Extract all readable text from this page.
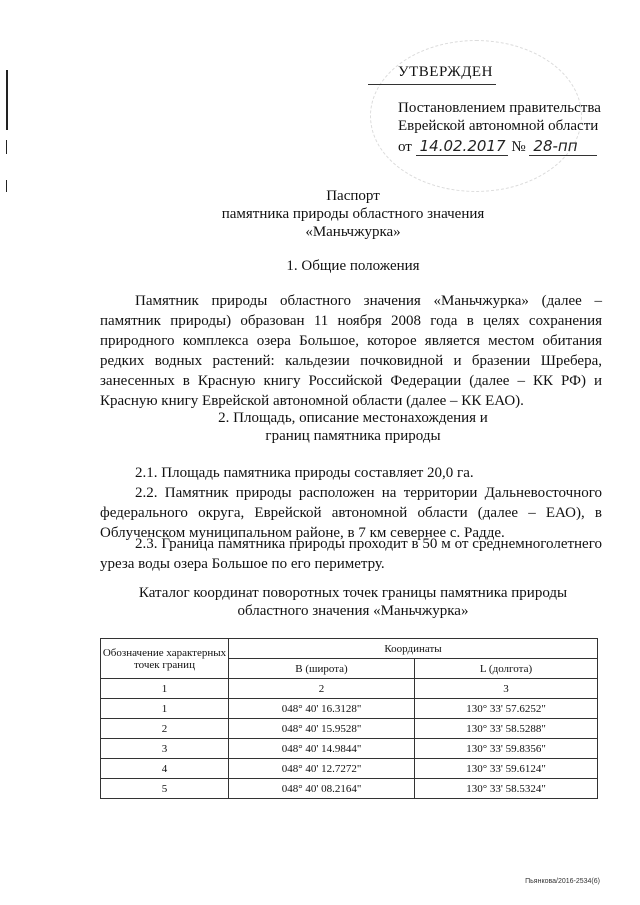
УТВЕРЖДЕН
Постановлением правительства
Еврейской автономной области
от 14.02.2017 № 28-пп
Паспорт
памятника природы областного значения
«Маньчжурка»
1. Общие положения
Памятник природы областного значения «Маньчжурка» (далее – памятник природы) образован 11 ноября 2008 года в целях сохранения природного комплекса озера Большое, которое является местом обитания редких водных растений: кальдезии почковидной и бразении Шребера, занесенных в Красную книгу Российской Федерации (далее – КК РФ) и Красную книгу Еврейской автономной области (далее – КК ЕАО).
2. Площадь, описание местонахождения и
границ памятника природы
2.1. Площадь памятника природы составляет 20,0 га.
2.2. Памятник природы расположен на территории Дальневосточного федерального округа, Еврейской автономной области (далее – ЕАО), в Облученском муниципальном районе, в 7 км севернее с. Радде.
2.3. Граница памятника природы проходит в 50 м от среднемноголетнего уреза воды озера Большое по его периметру.
Каталог координат поворотных точек границы памятника природы
областного значения «Маньчжурка»
Обозначение характерных точек границ	Координаты	
	В (широта)	L (долгота)
1	2	3
1	048° 40' 16.3128"	130° 33' 57.6252"
2	048° 40' 15.9528"	130° 33' 58.5288"
3	048° 40' 14.9844"	130° 33' 59.8356"
4	048° 40' 12.7272"	130° 33' 59.6124"
5	048° 40' 08.2164"	130° 33' 58.5324"
Пьянкова/2016-2534(6)
